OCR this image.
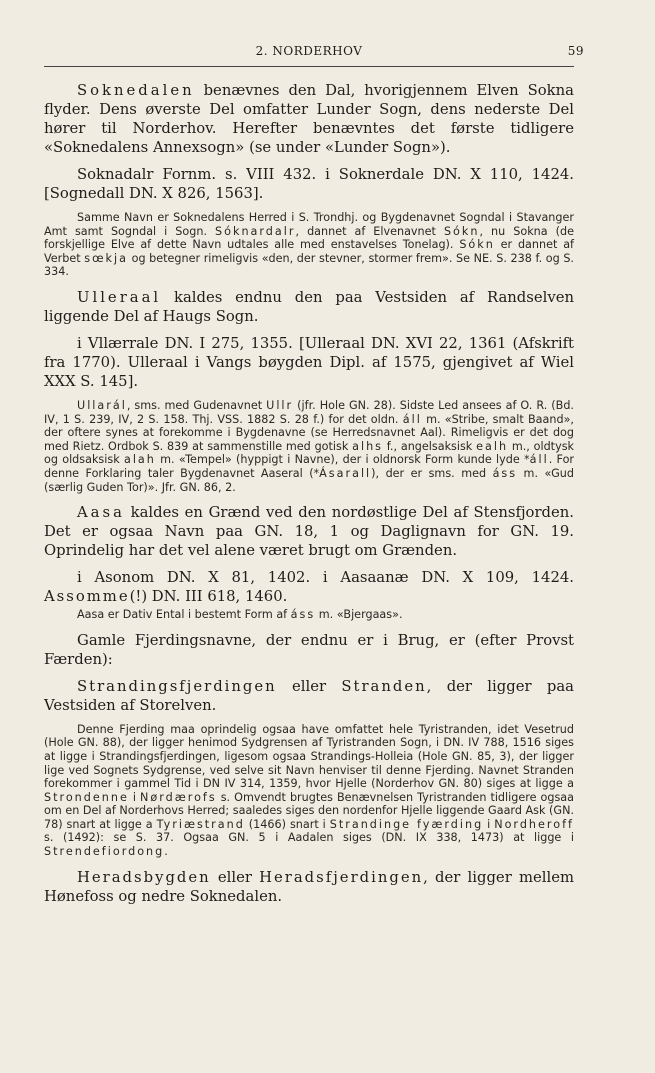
2. NORDERHOV	59

Soknedalen benævnes den Dal, hvorigjennem Elven Sokna flyder. Dens øverste Del omfatter Lunder Sogn, dens nederste Del hører til Norderhov. Herefter benævntes det første tidligere «Soknedalens Annexsogn» (se under «Lunder Sogn»).

Soknadalr Fornm. s. VIII 432. i Soknerdale DN. X 110, 1424. [Sognedall DN. X 826, 1563].

Samme Navn er Soknedalens Herred i S. Trondhj. og Bygdenavnet Sogndal i Stavanger Amt samt Sogndal i Sogn. Sóknardalr, dannet af Elvenavnet Sókn, nu Sokna (de forskjellige Elve af dette Navn udtales alle med enstavelses Tonelag). Sókn er dannet af Verbet sœkja og betegner rimeligvis «den, der stevner, stormer frem». Se NE. S. 238 f. og S. 334.

Ulleraal kaldes endnu den paa Vestsiden af Randselven liggende Del af Haugs Sogn.

i Vllærrale DN. I 275, 1355. [Ulleraal DN. XVI 22, 1361 (Afskrift fra 1770). Ulleraal i Vangs bøygden Dipl. af 1575, gjengivet af Wiel XXX S. 145].

Ullarál, sms. med Gudenavnet Ullr (jfr. Hole GN. 28). Sidste Led ansees af O. R. (Bd. IV, 1 S. 239, IV, 2 S. 158. Thj. VSS. 1882 S. 28 f.) for det oldn. áll m. «Stribe, smalt Baand», der oftere synes at forekomme i Bygdenavne (se Herredsnavnet Aal). Rimeligvis er det dog med Rietz. Ordbok S. 839 at sammenstille med gotisk alhs f., angelsaksisk ealh m., oldtysk og oldsaksisk alah m. «Tempel» (hyppigt i Navne), der i oldnorsk Form kunde lyde *áll. For denne Forklaring taler Bygdenavnet Aaseral (*Ásarall), der er sms. med áss m. «Gud (særlig Guden Tor)». Jfr. GN. 86, 2.

Aasa kaldes en Grænd ved den nordøstlige Del af Stensfjorden. Det er ogsaa Navn paa GN. 18, 1 og Daglignavn for GN. 19. Oprindelig har det vel alene været brugt om Grænden.

i Asonom DN. X 81, 1402. i Aasaanæ DN. X 109, 1424. Assomme(!) DN. III 618, 1460.

Aasa er Dativ Ental i bestemt Form af áss m. «Bjergaas».

Gamle Fjerdingsnavne, der endnu er i Brug, er (efter Provst Færden):

Strandingsfjerdingen eller Stranden, der ligger paa Vestsiden af Storelven.

Denne Fjerding maa oprindelig ogsaa have omfattet hele Tyristranden, idet Vesetrud (Hole GN. 88), der ligger henimod Sydgrensen af Tyristranden Sogn, i DN. IV 788, 1516 siges at ligge i Strandingsfjerdingen, ligesom ogsaa Strandings-Holleia (Hole GN. 85, 3), der ligger lige ved Sognets Sydgrense, ved selve sit Navn henviser til denne Fjerding. Navnet Stranden forekommer i gammel Tid i DN IV 314, 1359, hvor Hjelle (Norderhov GN. 80) siges at ligge a Strondenne i Nørdærofs s. Omvendt brugtes Benævnelsen Tyristranden tidligere ogsaa om en Del af Norderhovs Herred; saaledes siges den nordenfor Hjelle liggende Gaard Ask (GN. 78) snart at ligge a Tyriæstrand (1466) snart i Strandinge fyærding i Nordheroff s. (1492): se S. 37. Ogsaa GN. 5 i Aadalen siges (DN. IX 338, 1473) at ligge i Strendefiordong.

Heradsbygden eller Heradsfjerdingen, der ligger mellem Hønefoss og nedre Soknedalen.
